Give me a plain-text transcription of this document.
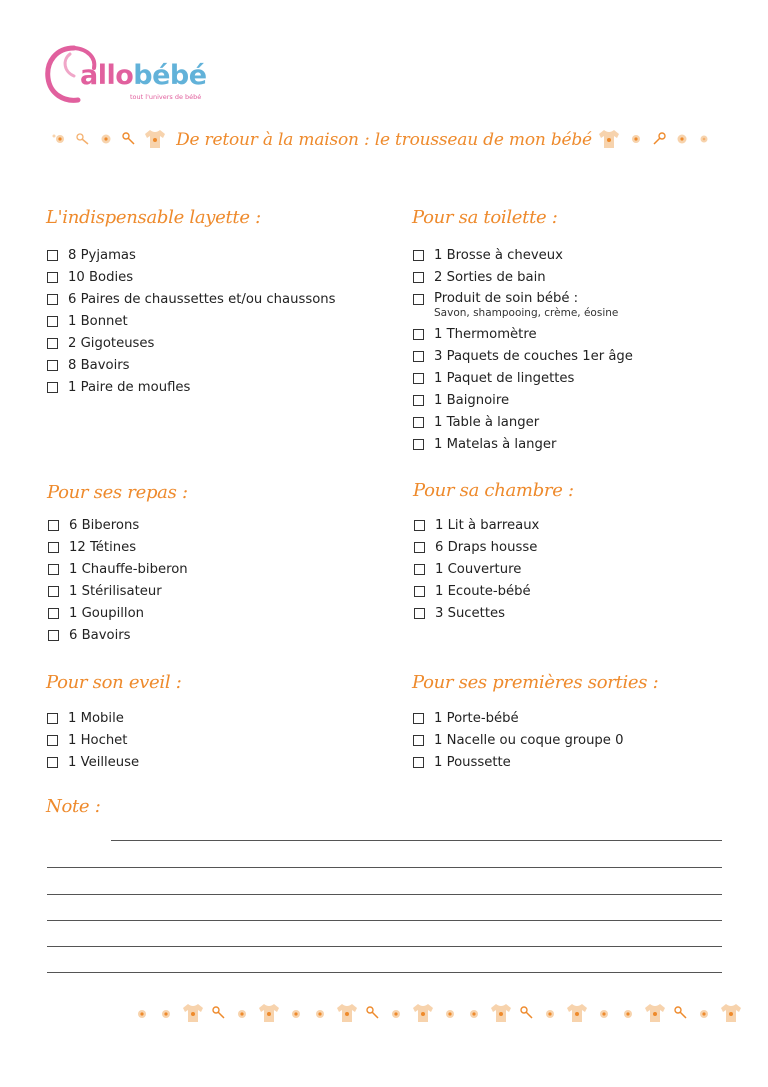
allobébé
tout l'univers de bébé
De retour à la maison : le trousseau de mon bébé
L'indispensable layette :
8 Pyjamas
10 Bodies
6 Paires de chaussettes et/ou chaussons
1 Bonnet
2 Gigoteuses
8 Bavoirs
1 Paire de moufles
Pour sa toilette :
1 Brosse à cheveux
2 Sorties de bain
Produit de soin bébé :
Savon, shampooing, crème, éosine
1 Thermomètre
3 Paquets de couches 1er âge
1 Paquet de lingettes
1 Baignoire
1 Table à langer
1 Matelas à langer
Pour ses repas :
6 Biberons
12 Tétines
1 Chauffe-biberon
1 Stérilisateur
1 Goupillon
6 Bavoirs
Pour sa chambre :
1 Lit à barreaux
6 Draps housse
1 Couverture
1 Ecoute-bébé
3 Sucettes
Pour son eveil :
1 Mobile
1 Hochet
1 Veilleuse
Pour ses premières sorties :
1 Porte-bébé
1 Nacelle ou coque groupe 0
1 Poussette
Note :
